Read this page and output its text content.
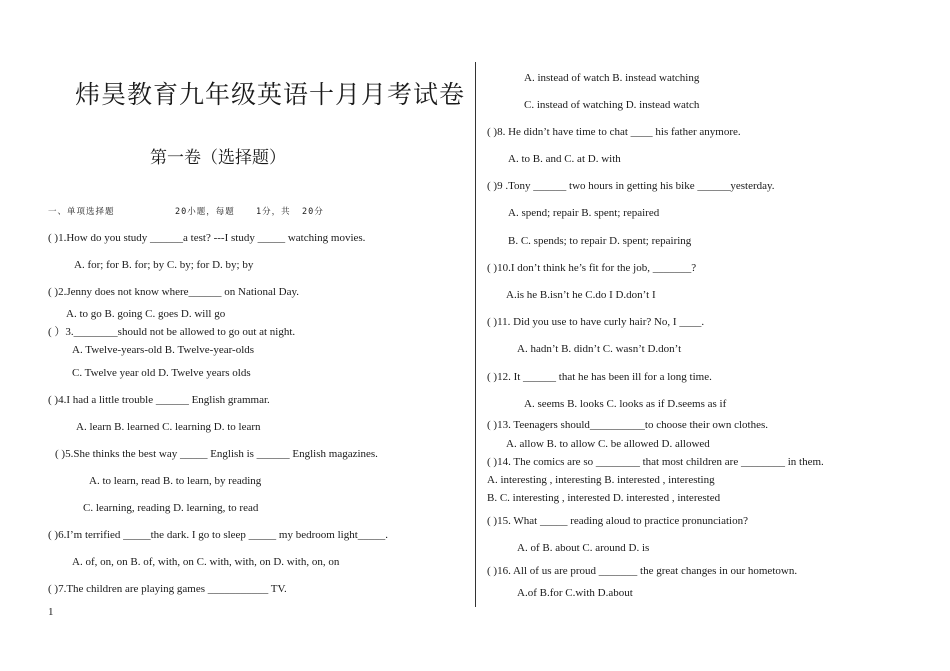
炜昊教育九年级英语十月月考试卷
第一卷（选择题）
一、单项选择题	20小题，每题	1分，共 20分
( )1.How do you study ______a test? ---I study _____ watching movies.
A. for; for B. for; by C. by; for D. by; by
( )2.Jenny does not know where______ on National Day.
A. to go B. going C. goes D. will go
( ）3.________should not be allowed to go out at night.
A. Twelve-years-old B. Twelve-year-olds
C. Twelve year old D. Twelve years olds
( )4.I had a little trouble ______ English grammar.
A. learn B. learned C. learning D. to learn
( )5.She thinks the best way _____ English is ______ English magazines.
A. to learn, read B. to learn, by reading
C. learning, reading D. learning, to read
( )6.I’m terrified _____the dark. I go to sleep _____ my bedroom light_____.
A. of, on, on B. of, with, on C. with, with, on D. with, on, on
( )7.The children are playing games ___________ TV.
1
A. instead of watch B. instead watching
C. instead of watching D. instead watch
( )8. He didn’t have time to chat ____ his father anymore.
A. to B. and C. at D. with
( )9 .Tony ______ two hours in getting his bike ______yesterday.
A. spend; repair B. spent; repaired
B. C. spends; to repair D. spent; repairing
( )10.I don’t think he’s fit for the job, _______?
A.is he B.isn’t he C.do I D.don’t I
( )11. Did you use to have curly hair? No, I ____.
A. hadn’t B. didn’t C. wasn’t D.don’t
( )12. It ______ that he has been ill for a long time.
A. seems B. looks C. looks as if D.seems as if
( )13. Teenagers should__________to choose their own clothes.
A. allow B. to allow C. be allowed D. allowed
( )14. The comics are so ________ that most children are ________ in them.
A. interesting , interesting B. interested , interesting
B. C. interesting , interested D. interested , interested
( )15. What _____ reading aloud to practice pronunciation?
A. of B. about C. around D. is
( )16. All of us are proud _______ the great changes in our hometown.
A.of B.for C.with D.about
